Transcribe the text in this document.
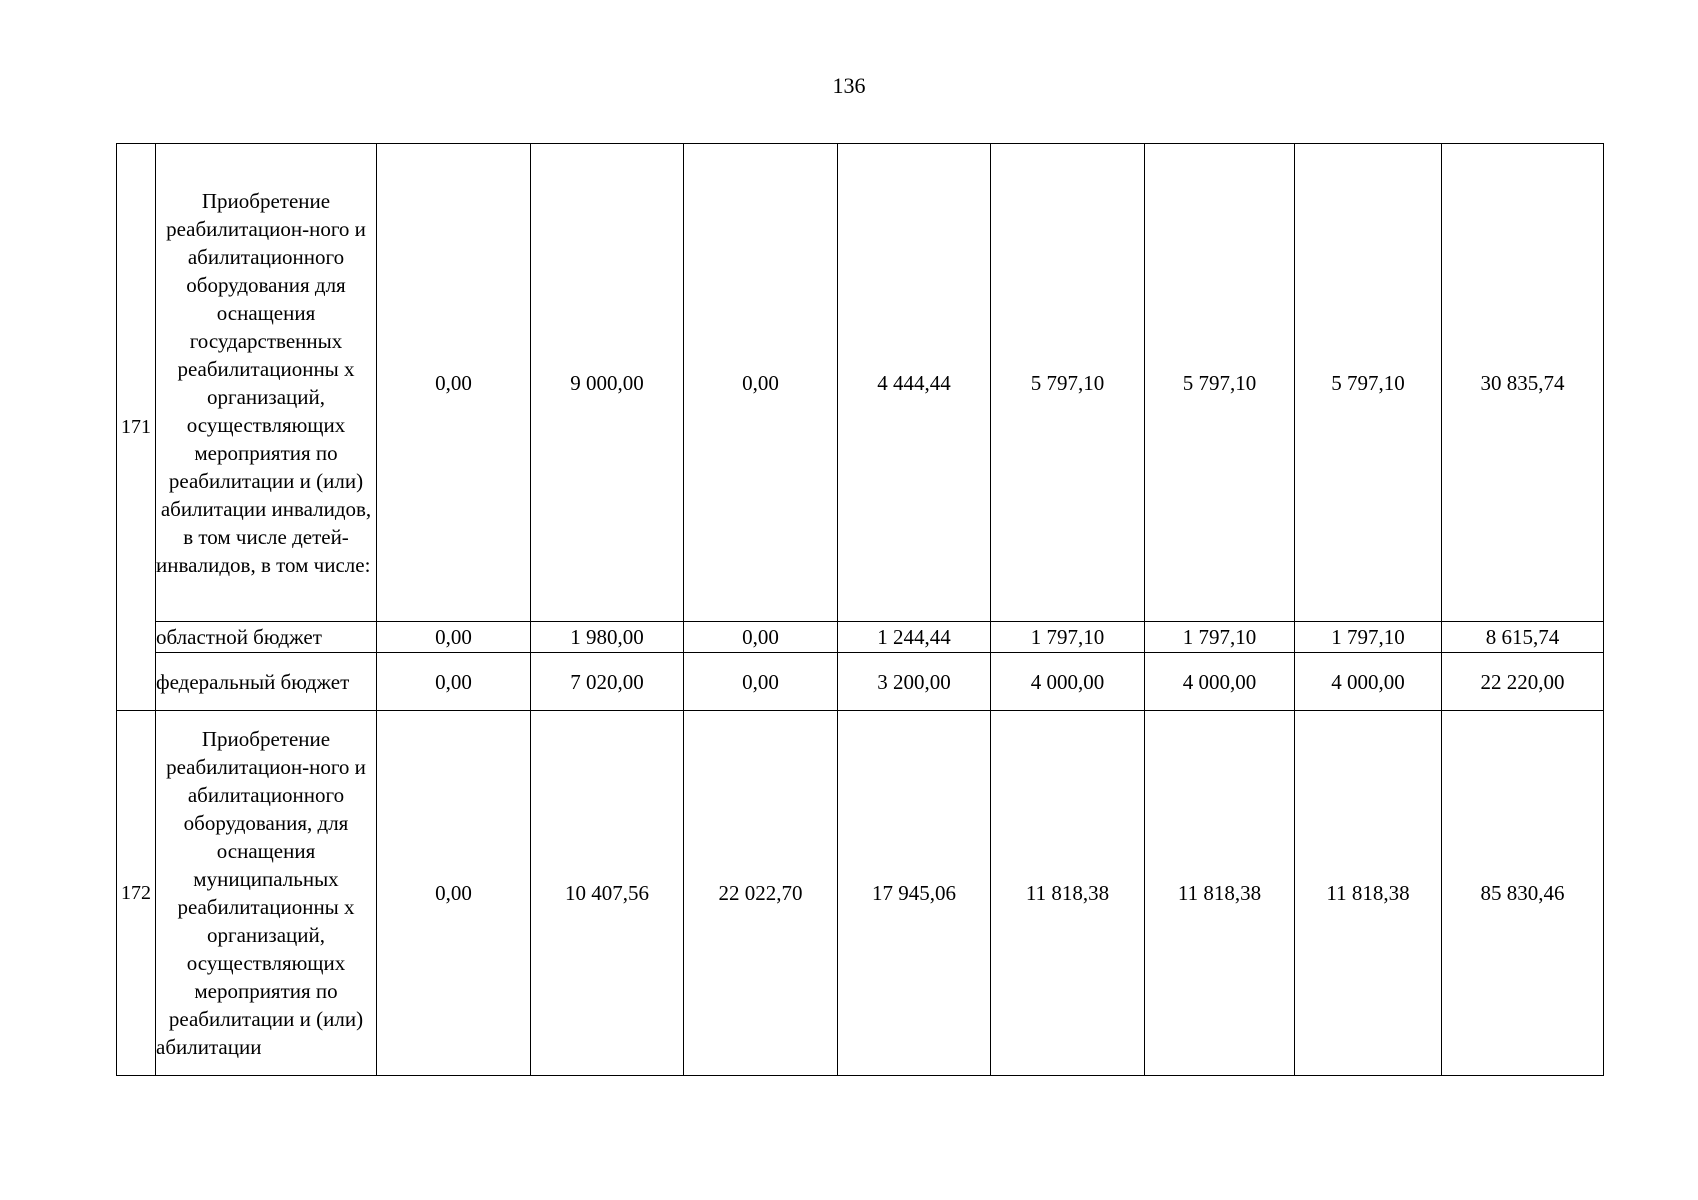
136
171	Приобретение реабилитацион-ного и абилитационного оборудования для оснащения государственных реабилитационны х организаций, осуществляющих мероприятия по реабилитации и (или) абилитации инвалидов, в том числе детей-инвалидов, в том числе:	0,00	9 000,00	0,00	4 444,44	5 797,10	5 797,10	5 797,10	30 835,74
	областной бюджет	0,00	1 980,00	0,00	1 244,44	1 797,10	1 797,10	1 797,10	8 615,74
	федеральный бюджет	0,00	7 020,00	0,00	3 200,00	4 000,00	4 000,00	4 000,00	22 220,00
172	Приобретение реабилитацион-ного и абилитационного оборудования, для оснащения муниципальных реабилитационны х организаций, осуществляющих мероприятия по реабилитации и (или) абилитации	0,00	10 407,56	22 022,70	17 945,06	11 818,38	11 818,38	11 818,38	85 830,46
